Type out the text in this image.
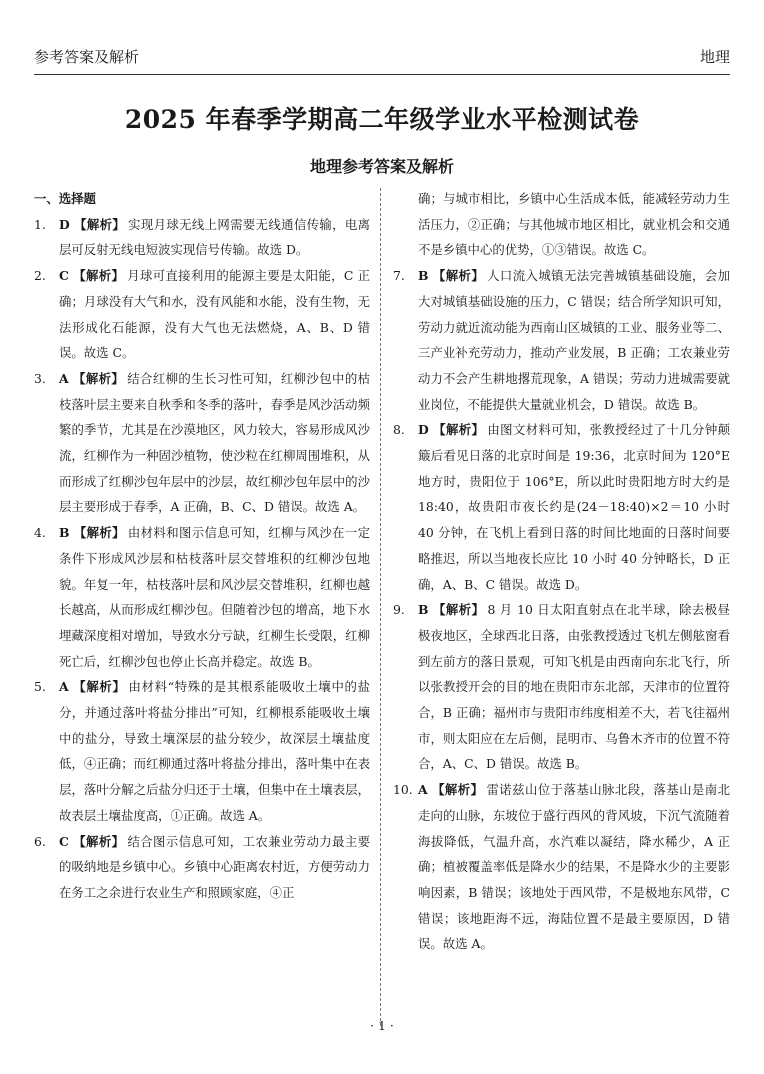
参考答案及解析	地理
2025 年春季学期高二年级学业水平检测试卷
地理参考答案及解析
一、选择题
1. D 【解析】 实现月球无线上网需要无线通信传输，电离层可反射无线电短波实现信号传输。故选 D。
2. C 【解析】 月球可直接利用的能源主要是太阳能，C 正确；月球没有大气和水，没有风能和水能，没有生物，无法形成化石能源，没有大气也无法燃烧，A、B、D 错误。故选 C。
3. A 【解析】 结合红柳的生长习性可知，红柳沙包中的枯枝落叶层主要来自秋季和冬季的落叶，春季是风沙活动频繁的季节，尤其是在沙漠地区，风力较大，容易形成风沙流，红柳作为一种固沙植物，使沙粒在红柳周围堆积，从而形成了红柳沙包年层中的沙层，故红柳沙包年层中的沙层主要形成于春季，A 正确，B、C、D 错误。故选 A。
4. B 【解析】 由材料和图示信息可知，红柳与风沙在一定条件下形成风沙层和枯枝落叶层交替堆积的红柳沙包地貌。年复一年，枯枝落叶层和风沙层交替堆积，红柳也越长越高，从而形成红柳沙包。但随着沙包的增高，地下水埋藏深度相对增加，导致水分亏缺，红柳生长受限，红柳死亡后，红柳沙包也停止长高并稳定。故选 B。
5. A 【解析】 由材料“特殊的是其根系能吸收土壤中的盐分，并通过落叶将盐分排出”可知，红柳根系能吸收土壤中的盐分，导致土壤深层的盐分较少，故深层土壤盐度低，④正确；而红柳通过落叶将盐分排出，落叶集中在表层，落叶分解之后盐分归还于土壤，但集中在土壤表层，故表层土壤盐度高，①正确。故选 A。
6. C 【解析】 结合图示信息可知，工农兼业劳动力最主要的吸纳地是乡镇中心。乡镇中心距离农村近，方便劳动力在务工之余进行农业生产和照顾家庭，④正
确；与城市相比，乡镇中心生活成本低，能减轻劳动力生活压力，②正确；与其他城市地区相比，就业机会和交通不是乡镇中心的优势，①③错误。故选 C。
7. B 【解析】 人口流入城镇无法完善城镇基础设施，会加大对城镇基础设施的压力，C 错误；结合所学知识可知，劳动力就近流动能为西南山区城镇的工业、服务业等二、三产业补充劳动力，推动产业发展，B 正确；工农兼业劳动力不会产生耕地撂荒现象，A 错误；劳动力进城需要就业岗位，不能提供大量就业机会，D 错误。故选 B。
8. D 【解析】 由图文材料可知，张教授经过了十几分钟颠簸后看见日落的北京时间是 19:36，北京时间为 120°E 地方时，贵阳位于 106°E，所以此时贵阳地方时大约是 18:40，故贵阳市夜长约是(24－18:40)×2＝10 小时 40 分钟，在飞机上看到日落的时间比地面的日落时间要略推迟，所以当地夜长应比 10 小时 40 分钟略长，D 正确，A、B、C 错误。故选 D。
9. B 【解析】 8 月 10 日太阳直射点在北半球，除去极昼极夜地区，全球西北日落，由张教授透过飞机左侧舷窗看到左前方的落日景观，可知飞机是由西南向东北飞行，所以张教授开会的目的地在贵阳市东北部，天津市的位置符合，B 正确；福州市与贵阳市纬度相差不大，若飞往福州市，则太阳应在左后侧，昆明市、乌鲁木齐市的位置不符合，A、C、D 错误。故选 B。
10. A 【解析】 雷诺兹山位于落基山脉北段，落基山是南北走向的山脉，东坡位于盛行西风的背风坡，下沉气流随着海拔降低，气温升高，水汽难以凝结，降水稀少，A 正确；植被覆盖率低是降水少的结果，不是降水少的主要影响因素，B 错误；该地处于西风带，不是极地东风带，C 错误；该地距海不远，海陆位置不是最主要原因，D 错误。故选 A。
· 1 ·
